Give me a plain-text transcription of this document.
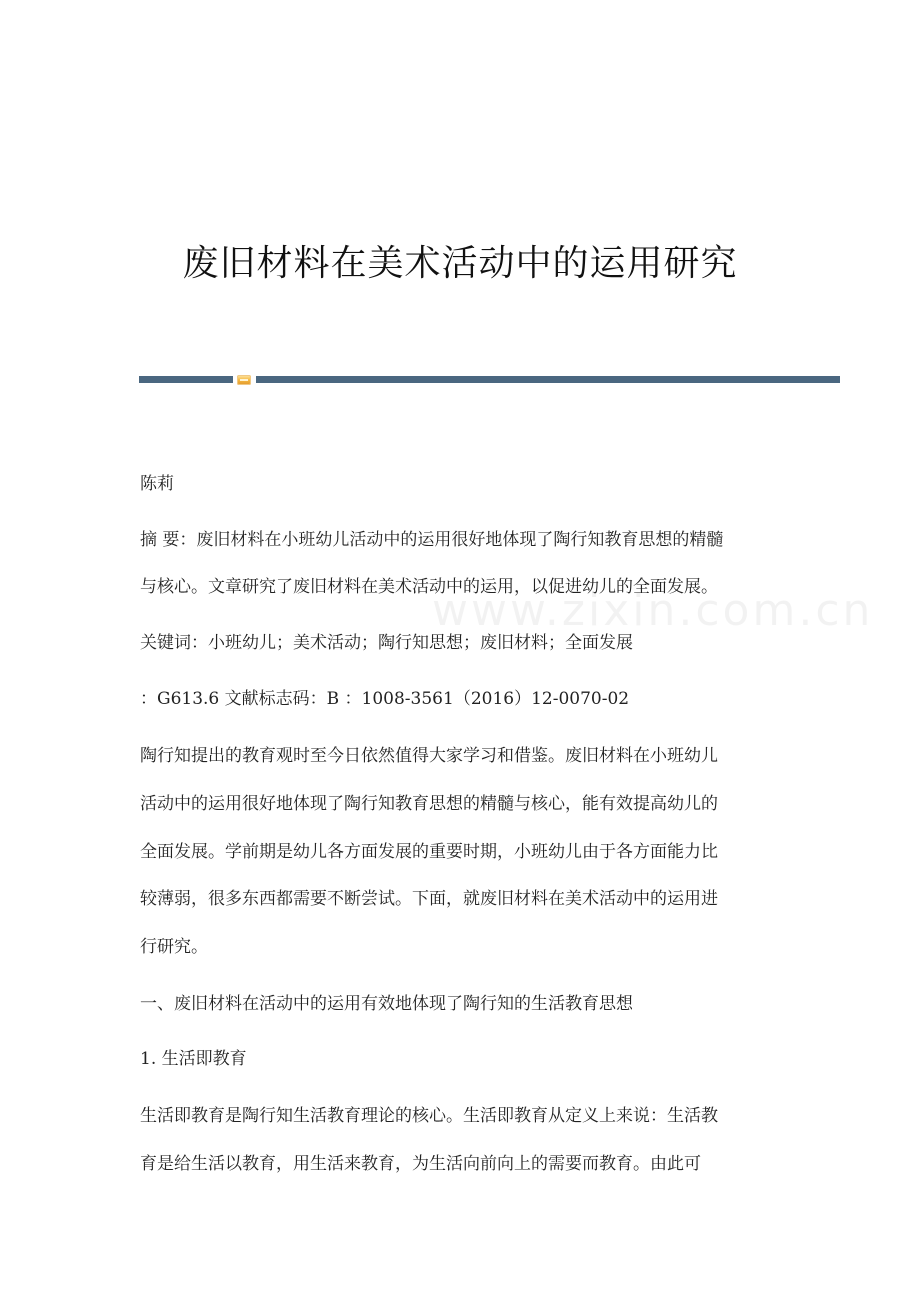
www.zixin.com.cn
废旧材料在美术活动中的运用研究
陈莉
摘 要：废旧材料在小班幼儿活动中的运用很好地体现了陶行知教育思想的精髓
与核心。文章研究了废旧材料在美术活动中的运用，以促进幼儿的全面发展。
关键词：小班幼儿；美术活动；陶行知思想；废旧材料；全面发展
：G613.6 文献标志码：B ：1008-3561（2016）12-0070-02
陶行知提出的教育观时至今日依然值得大家学习和借鉴。废旧材料在小班幼儿
活动中的运用很好地体现了陶行知教育思想的精髓与核心，能有效提高幼儿的
全面发展。学前期是幼儿各方面发展的重要时期，小班幼儿由于各方面能力比
较薄弱，很多东西都需要不断尝试。下面，就废旧材料在美术活动中的运用进
行研究。
一、废旧材料在活动中的运用有效地体现了陶行知的生活教育思想
1. 生活即教育
生活即教育是陶行知生活教育理论的核心。生活即教育从定义上来说：生活教
育是给生活以教育，用生活来教育，为生活向前向上的需要而教育。由此可
